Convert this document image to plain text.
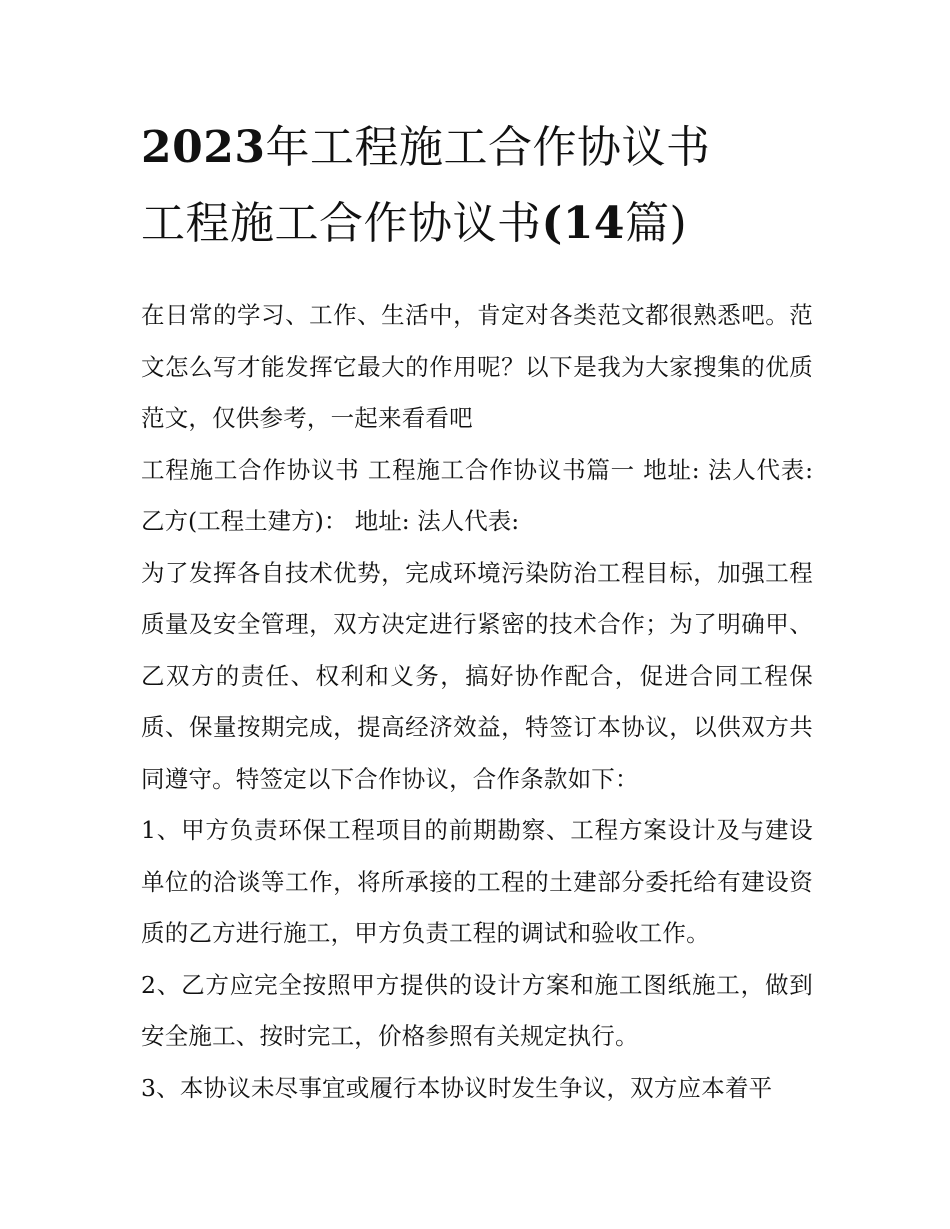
2023年工程施工合作协议书
工程施工合作协议书(14篇)

在日常的学习、工作、生活中，肯定对各类范文都很熟悉吧。范文怎么写才能发挥它最大的作用呢？以下是我为大家搜集的优质范文，仅供参考，一起来看看吧

工程施工合作协议书 工程施工合作协议书篇一 地址: 法人代表: 乙方(工程土建方)： 地址: 法人代表:

为了发挥各自技术优势，完成环境污染防治工程目标，加强工程质量及安全管理，双方决定进行紧密的技术合作；为了明确甲、乙双方的责任、权利和义务，搞好协作配合，促进合同工程保质、保量按期完成，提高经济效益，特签订本协议，以供双方共同遵守。特签定以下合作协议，合作条款如下：

1、甲方负责环保工程项目的前期勘察、工程方案设计及与建设单位的洽谈等工作，将所承接的工程的土建部分委托给有建设资质的乙方进行施工，甲方负责工程的调试和验收工作。

2、乙方应完全按照甲方提供的设计方案和施工图纸施工，做到安全施工、按时完工，价格参照有关规定执行。

3、本协议未尽事宜或履行本协议时发生争议，双方应本着平
